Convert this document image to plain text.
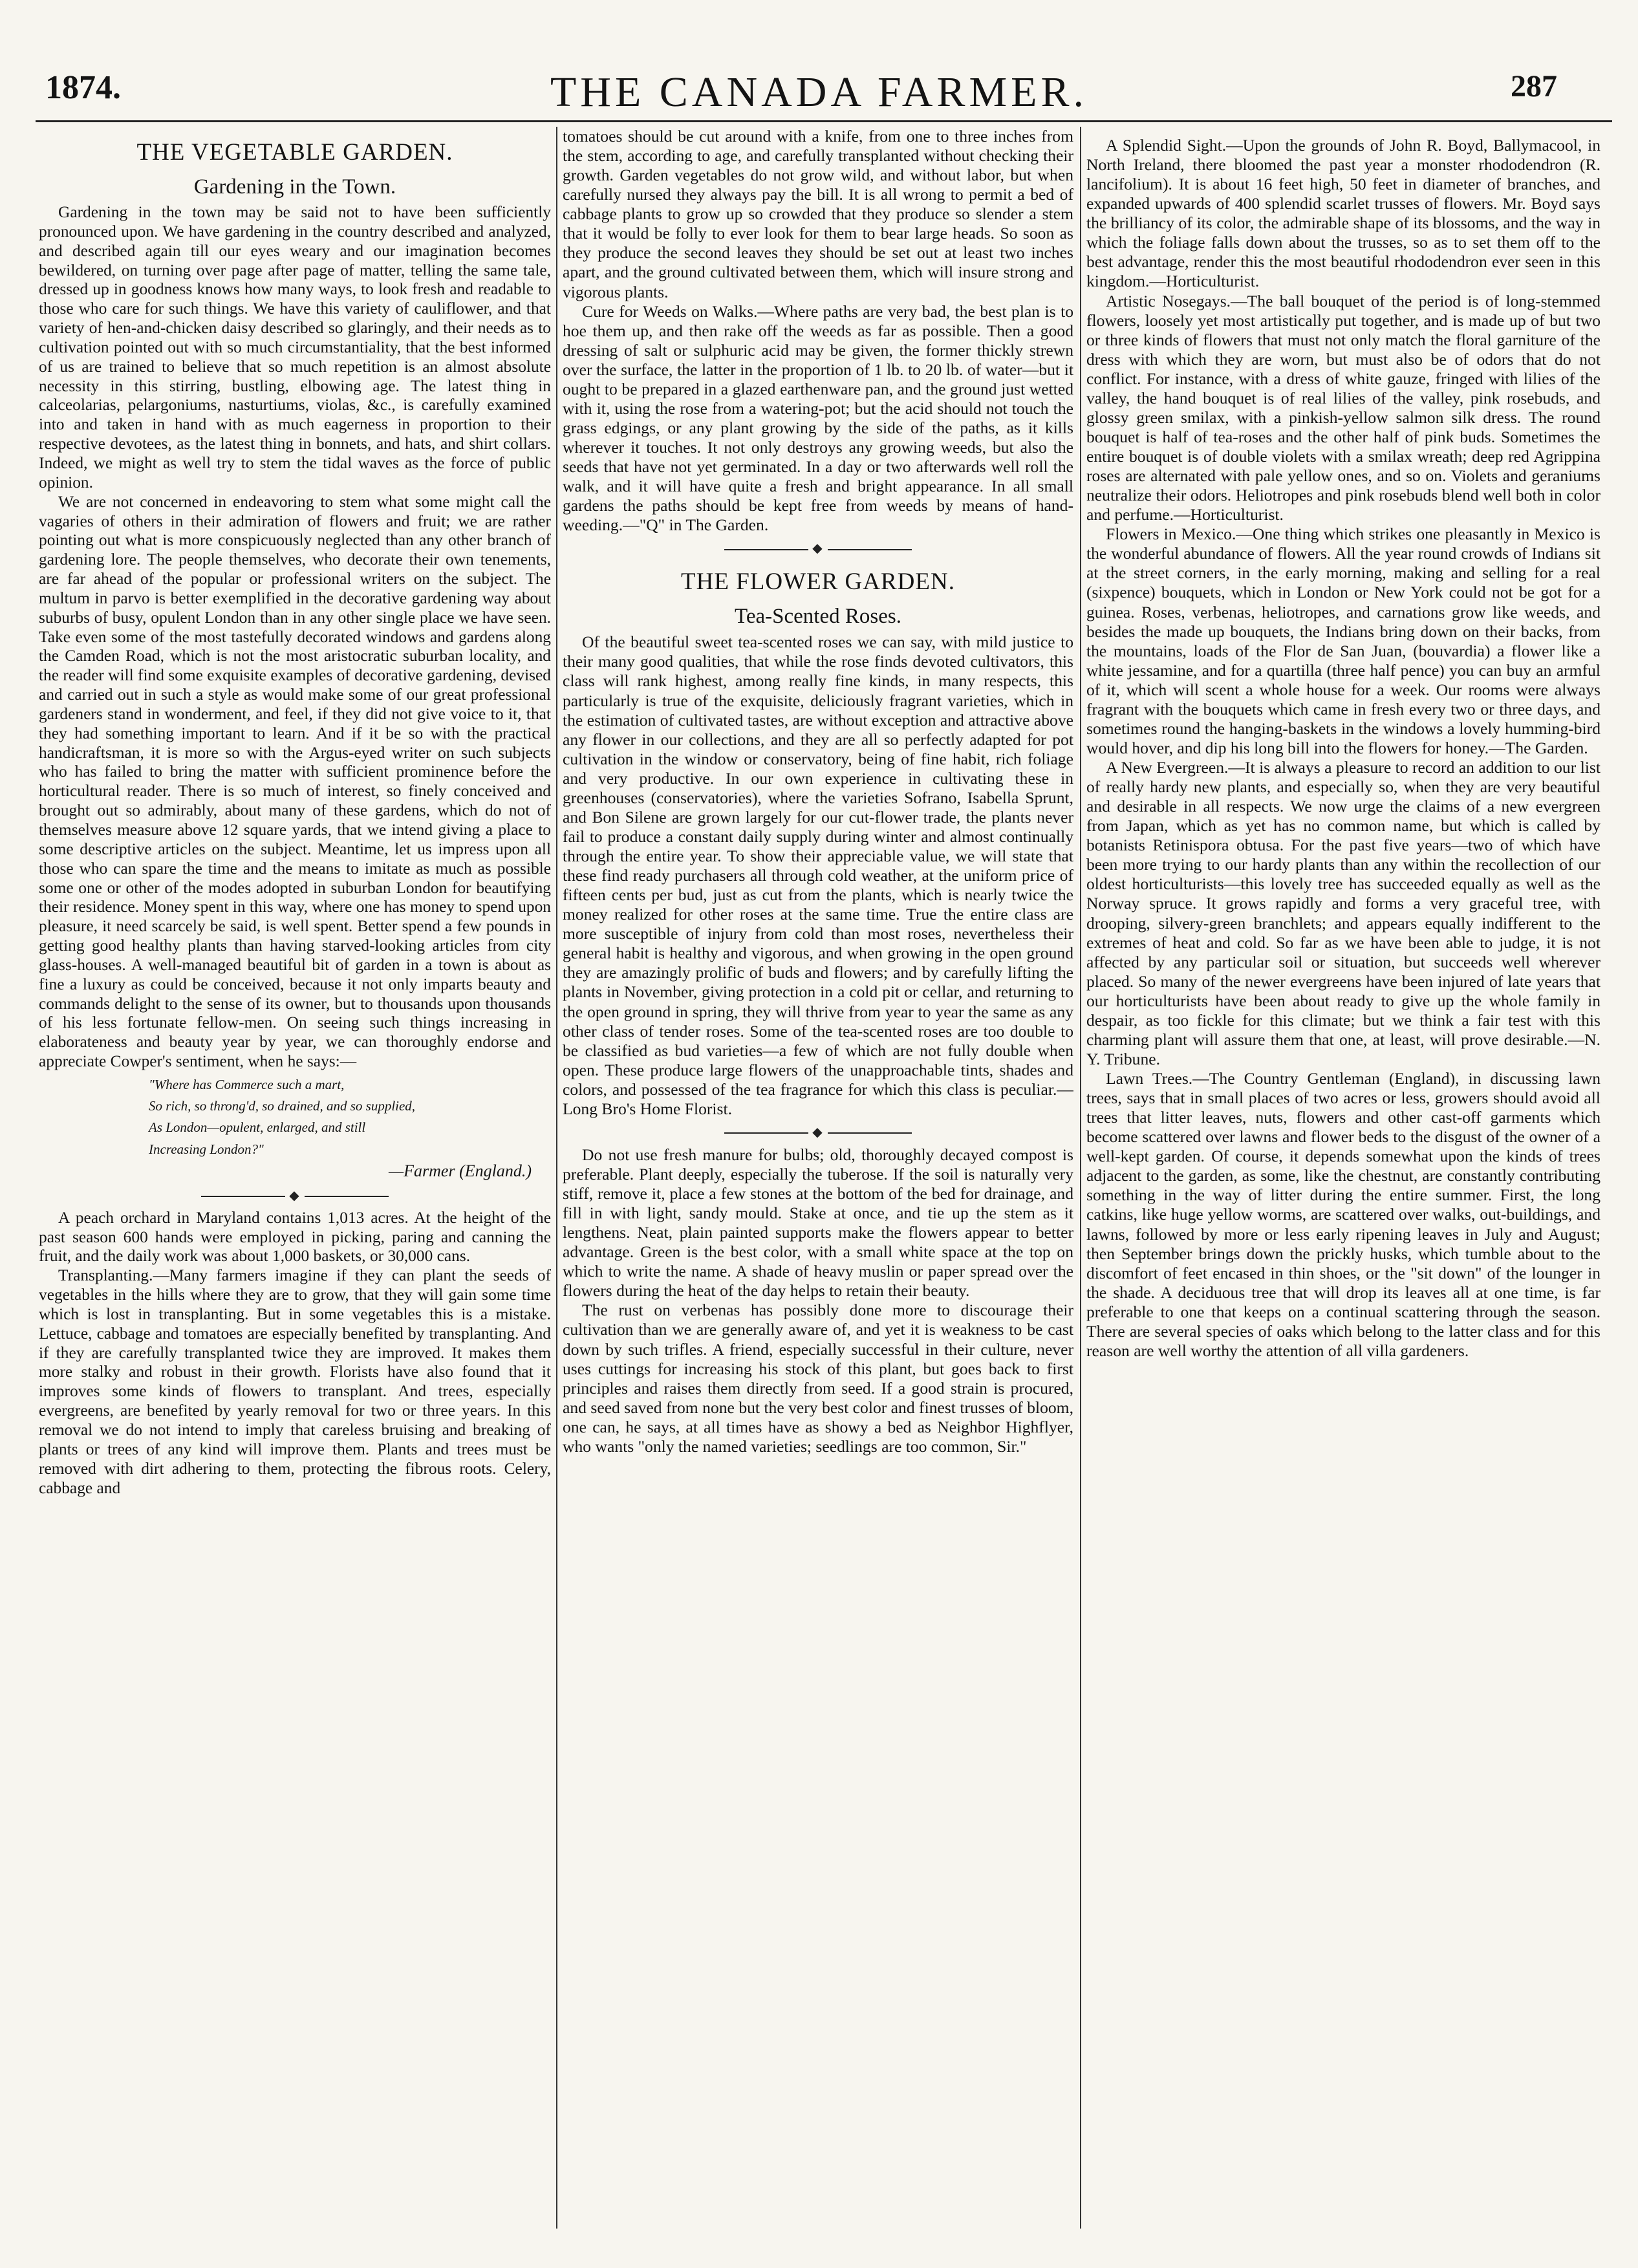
1874.	THE CANADA FARMER.	287
THE VEGETABLE GARDEN.
Gardening in the Town.

Gardening in the town may be said not to have been sufficiently pronounced upon. We have gardening in the country described and analyzed, and described again till our eyes weary and our imagination becomes bewildered, on turning over page after page of matter, telling the same tale, dressed up in goodness knows how many ways, to look fresh and readable to those who care for such things. We have this variety of cauliflower, and that variety of hen-and-chicken daisy described so glaringly, and their needs as to cultivation pointed out with so much circumstantiality, that the best informed of us are trained to believe that so much repetition is an almost absolute necessity in this stirring, bustling, elbowing age. The latest thing in calceolarias, pelargoniums, nasturtiums, violas, &c., is carefully examined into and taken in hand with as much eagerness in proportion to their respective devotees, as the latest thing in bonnets, and hats, and shirt collars. Indeed, we might as well try to stem the tidal waves as the force of public opinion.

We are not concerned in endeavoring to stem what some might call the vagaries of others in their admiration of flowers and fruit; we are rather pointing out what is more conspicuously neglected than any other branch of gardening lore. The people themselves, who decorate their own tenements, are far ahead of the popular or professional writers on the subject. The multum in parvo is better exemplified in the decorative gardening way about suburbs of busy, opulent London than in any other single place we have seen. Take even some of the most tastefully decorated windows and gardens along the Camden Road, which is not the most aristocratic suburban locality, and the reader will find some exquisite examples of decorative gardening, devised and carried out in such a style as would make some of our great professional gardeners stand in wonderment, and feel, if they did not give voice to it, that they had something important to learn. And if it be so with the practical handicraftsman, it is more so with the Argus-eyed writer on such subjects who has failed to bring the matter with sufficient prominence before the horticultural reader. There is so much of interest, so finely conceived and brought out so admirably, about many of these gardens, which do not of themselves measure above 12 square yards, that we intend giving a place to some descriptive articles on the subject. Meantime, let us impress upon all those who can spare the time and the means to imitate as much as possible some one or other of the modes adopted in suburban London for beautifying their residence. Money spent in this way, where one has money to spend upon pleasure, it need scarcely be said, is well spent. Better spend a few pounds in getting good healthy plants than having starved-looking articles from city glass-houses. A well-managed beautiful bit of garden in a town is about as fine a luxury as could be conceived, because it not only imparts beauty and commands delight to the sense of its owner, but to thousands upon thousands of his less fortunate fellow-men. On seeing such things increasing in elaborateness and beauty year by year, we can thoroughly endorse and appreciate Cowper's sentiment, when he says:—

"Where has Commerce such a mart,
So rich, so throng'd, so drained, and so supplied,
As London—opulent, enlarged, and still
Increasing London?"
—Farmer (England.)
◆

A peach orchard in Maryland contains 1,013 acres. At the height of the past season 600 hands were employed in picking, paring and canning the fruit, and the daily work was about 1,000 baskets, or 30,000 cans.

Transplanting.—Many farmers imagine if they can plant the seeds of vegetables in the hills where they are to grow, that they will gain some time which is lost in transplanting. But in some vegetables this is a mistake. Lettuce, cabbage and tomatoes are especially benefited by transplanting. And if they are carefully transplanted twice they are improved. It makes them more stalky and robust in their growth. Florists have also found that it improves some kinds of flowers to transplant. And trees, especially evergreens, are benefited by yearly removal for two or three years. In this removal we do not intend to imply that careless bruising and breaking of plants or trees of any kind will improve them. Plants and trees must be removed with dirt adhering to them, protecting the fibrous roots. Celery, cabbage and

tomatoes should be cut around with a knife, from one to three inches from the stem, according to age, and carefully transplanted without checking their growth. Garden vegetables do not grow wild, and without labor, but when carefully nursed they always pay the bill. It is all wrong to permit a bed of cabbage plants to grow up so crowded that they produce so slender a stem that it would be folly to ever look for them to bear large heads. So soon as they produce the second leaves they should be set out at least two inches apart, and the ground cultivated between them, which will insure strong and vigorous plants.

Cure for Weeds on Walks.—Where paths are very bad, the best plan is to hoe them up, and then rake off the weeds as far as possible. Then a good dressing of salt or sulphuric acid may be given, the former thickly strewn over the surface, the latter in the proportion of 1 lb. to 20 lb. of water—but it ought to be prepared in a glazed earthenware pan, and the ground just wetted with it, using the rose from a watering-pot; but the acid should not touch the grass edgings, or any plant growing by the side of the paths, as it kills wherever it touches. It not only destroys any growing weeds, but also the seeds that have not yet germinated. In a day or two afterwards well roll the walk, and it will have quite a fresh and bright appearance. In all small gardens the paths should be kept free from weeds by means of hand-weeding.—"Q" in The Garden.

◆
THE FLOWER GARDEN.
Tea-Scented Roses.

Of the beautiful sweet tea-scented roses we can say, with mild justice to their many good qualities, that while the rose finds devoted cultivators, this class will rank highest, among really fine kinds, in many respects, this particularly is true of the exquisite, deliciously fragrant varieties, which in the estimation of cultivated tastes, are without exception and attractive above any flower in our collections, and they are all so perfectly adapted for pot cultivation in the window or conservatory, being of fine habit, rich foliage and very productive. In our own experience in cultivating these in greenhouses (conservatories), where the varieties Sofrano, Isabella Sprunt, and Bon Silene are grown largely for our cut-flower trade, the plants never fail to produce a constant daily supply during winter and almost continually through the entire year. To show their appreciable value, we will state that these find ready purchasers all through cold weather, at the uniform price of fifteen cents per bud, just as cut from the plants, which is nearly twice the money realized for other roses at the same time. True the entire class are more susceptible of injury from cold than most roses, nevertheless their general habit is healthy and vigorous, and when growing in the open ground they are amazingly prolific of buds and flowers; and by carefully lifting the plants in November, giving protection in a cold pit or cellar, and returning to the open ground in spring, they will thrive from year to year the same as any other class of tender roses. Some of the tea-scented roses are too double to be classified as bud varieties—a few of which are not fully double when open. These produce large flowers of the unapproachable tints, shades and colors, and possessed of the tea fragrance for which this class is peculiar.—Long Bro's Home Florist.

◆

Do not use fresh manure for bulbs; old, thoroughly decayed compost is preferable. Plant deeply, especially the tuberose. If the soil is naturally very stiff, remove it, place a few stones at the bottom of the bed for drainage, and fill in with light, sandy mould. Stake at once, and tie up the stem as it lengthens. Neat, plain painted supports make the flowers appear to better advantage. Green is the best color, with a small white space at the top on which to write the name. A shade of heavy muslin or paper spread over the flowers during the heat of the day helps to retain their beauty.

The rust on verbenas has possibly done more to discourage their cultivation than we are generally aware of, and yet it is weakness to be cast down by such trifles. A friend, especially successful in their culture, never uses cuttings for increasing his stock of this plant, but goes back to first principles and raises them directly from seed. If a good strain is procured, and seed saved from none but the very best color and finest trusses of bloom, one can, he says, at all times have as showy a bed as Neighbor Highflyer, who wants "only the named varieties; seedlings are too common, Sir."

A Splendid Sight.—Upon the grounds of John R. Boyd, Ballymacool, in North Ireland, there bloomed the past year a monster rhododendron (R. lancifolium). It is about 16 feet high, 50 feet in diameter of branches, and expanded upwards of 400 splendid scarlet trusses of flowers. Mr. Boyd says the brilliancy of its color, the admirable shape of its blossoms, and the way in which the foliage falls down about the trusses, so as to set them off to the best advantage, render this the most beautiful rhododendron ever seen in this kingdom.—Horticulturist.

Artistic Nosegays.—The ball bouquet of the period is of long-stemmed flowers, loosely yet most artistically put together, and is made up of but two or three kinds of flowers that must not only match the floral garniture of the dress with which they are worn, but must also be of odors that do not conflict. For instance, with a dress of white gauze, fringed with lilies of the valley, the hand bouquet is of real lilies of the valley, pink rosebuds, and glossy green smilax, with a pinkish-yellow salmon silk dress. The round bouquet is half of tea-roses and the other half of pink buds. Sometimes the entire bouquet is of double violets with a smilax wreath; deep red Agrippina roses are alternated with pale yellow ones, and so on. Violets and geraniums neutralize their odors. Heliotropes and pink rosebuds blend well both in color and perfume.—Horticulturist.

Flowers in Mexico.—One thing which strikes one pleasantly in Mexico is the wonderful abundance of flowers. All the year round crowds of Indians sit at the street corners, in the early morning, making and selling for a real (sixpence) bouquets, which in London or New York could not be got for a guinea. Roses, verbenas, heliotropes, and carnations grow like weeds, and besides the made up bouquets, the Indians bring down on their backs, from the mountains, loads of the Flor de San Juan, (bouvardia) a flower like a white jessamine, and for a quartilla (three half pence) you can buy an armful of it, which will scent a whole house for a week. Our rooms were always fragrant with the bouquets which came in fresh every two or three days, and sometimes round the hanging-baskets in the windows a lovely humming-bird would hover, and dip his long bill into the flowers for honey.—The Garden.

A New Evergreen.—It is always a pleasure to record an addition to our list of really hardy new plants, and especially so, when they are very beautiful and desirable in all respects. We now urge the claims of a new evergreen from Japan, which as yet has no common name, but which is called by botanists Retinispora obtusa. For the past five years—two of which have been more trying to our hardy plants than any within the recollection of our oldest horticulturists—this lovely tree has succeeded equally as well as the Norway spruce. It grows rapidly and forms a very graceful tree, with drooping, silvery-green branchlets; and appears equally indifferent to the extremes of heat and cold. So far as we have been able to judge, it is not affected by any particular soil or situation, but succeeds well wherever placed. So many of the newer evergreens have been injured of late years that our horticulturists have been about ready to give up the whole family in despair, as too fickle for this climate; but we think a fair test with this charming plant will assure them that one, at least, will prove desirable.—N. Y. Tribune.

Lawn Trees.—The Country Gentleman (England), in discussing lawn trees, says that in small places of two acres or less, growers should avoid all trees that litter leaves, nuts, flowers and other cast-off garments which become scattered over lawns and flower beds to the disgust of the owner of a well-kept garden. Of course, it depends somewhat upon the kinds of trees adjacent to the garden, as some, like the chestnut, are constantly contributing something in the way of litter during the entire summer. First, the long catkins, like huge yellow worms, are scattered over walks, out-buildings, and lawns, followed by more or less early ripening leaves in July and August; then September brings down the prickly husks, which tumble about to the discomfort of feet encased in thin shoes, or the "sit down" of the lounger in the shade. A deciduous tree that will drop its leaves all at one time, is far preferable to one that keeps on a continual scattering through the season. There are several species of oaks which belong to the latter class and for this reason are well worthy the attention of all villa gardeners.
